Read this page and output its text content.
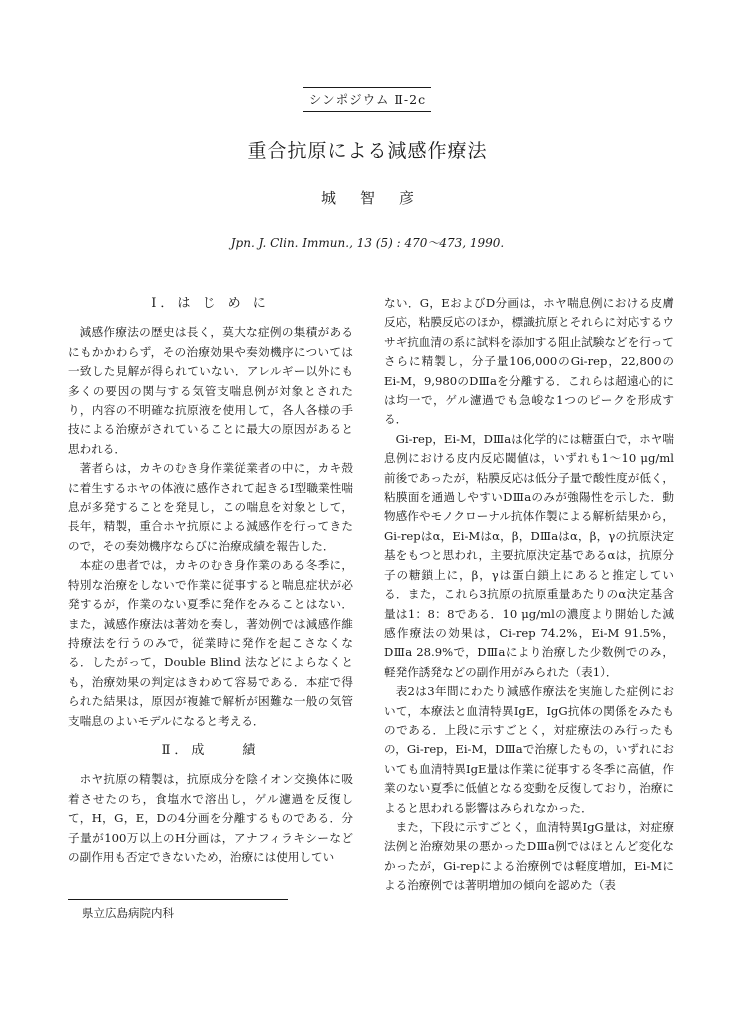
シンポジウム Ⅱ-2c
重合抗原による減感作療法
城 智 彦
Jpn. J. Clin. Immun., 13 (5) : 470〜473, 1990.
Ⅰ．は じ め に

減感作療法の歴史は長く，莫大な症例の集積があるにもかかわらず，その治療効果や奏効機序については一致した見解が得られていない．アレルギー以外にも多くの要因の関与する気管支喘息例が対象とされたり，内容の不明確な抗原液を使用して，各人各様の手技による治療がされていることに最大の原因があると思われる．

著者らは，カキのむき身作業従業者の中に，カキ殻に着生するホヤの体液に感作されて起きるⅠ型職業性喘息が多発することを発見し，この喘息を対象として，長年，精製，重合ホヤ抗原による減感作を行ってきたので，その奏効機序ならびに治療成績を報告した．

本症の患者では，カキのむき身作業のある冬季に，特別な治療をしないで作業に従事すると喘息症状が必発するが，作業のない夏季に発作をみることはない．また，減感作療法は著効を奏し，著効例では減感作維持療法を行うのみで，従業時に発作を起こさなくなる．したがって，Double Blind 法などによらなくとも，治療効果の判定はきわめて容易である．本症で得られた結果は，原因が複雑で解析が困難な一般の気管支喘息のよいモデルになると考える．

Ⅱ．成　　績

ホヤ抗原の精製は，抗原成分を陰イオン交換体に吸着させたのち，食塩水で溶出し，ゲル濾過を反復して，H，G，E，Dの4分画を分離するものである．分子量が100万以上のH分画は，アナフィラキシーなどの副作用も否定できないため，治療には使用してい

ない．G，EおよびD分画は，ホヤ喘息例における皮膚反応，粘膜反応のほか，標識抗原とそれらに対応するウサギ抗血清の系に試料を添加する阻止試験などを行ってさらに精製し，分子量106,000のGi-rep，22,800のEi-M，9,980のDⅢaを分離する．これらは超遠心的には均一で，ゲル濾過でも急峻な1つのピークを形成する．

Gi-rep，Ei-M，DⅢaは化学的には糖蛋白で，ホヤ喘息例における皮内反応閾値は，いずれも1〜10 μg/ml前後であったが，粘膜反応は低分子量で酸性度が低く，粘膜面を通過しやすいDⅢaのみが強陽性を示した．動物感作やモノクローナル抗体作製による解析結果から，Gi-repはα，Ei-Mはα，β，DⅢaはα，β，γの抗原決定基をもつと思われ，主要抗原決定基であるαは，抗原分子の糖鎖上に，β，γは蛋白鎖上にあると推定している．また，これら3抗原の抗原重量あたりのα決定基含量は1：8：8である．10 μg/mlの濃度より開始した減感作療法の効果は，Ci-rep 74.2%，Ei-M 91.5%，DⅢa 28.9%で，DⅢaにより治療した少数例でのみ，軽発作誘発などの副作用がみられた（表1）．

表2は3年間にわたり減感作療法を実施した症例において，本療法と血清特異IgE，IgG抗体の関係をみたものである．上段に示すごとく，対症療法のみ行ったもの，Gi-rep，Ei-M，DⅢaで治療したもの，いずれにおいても血清特異IgE量は作業に従事する冬季に高値，作業のない夏季に低値となる変動を反復しており，治療によると思われる影響はみられなかった．

また，下段に示すごとく，血清特異IgG量は，対症療法例と治療効果の悪かったDⅢa例ではほとんど変化なかったが，Gi-repによる治療例では軽度増加，Ei-Mによる治療例では著明増加の傾向を認めた（表

県立広島病院内科
